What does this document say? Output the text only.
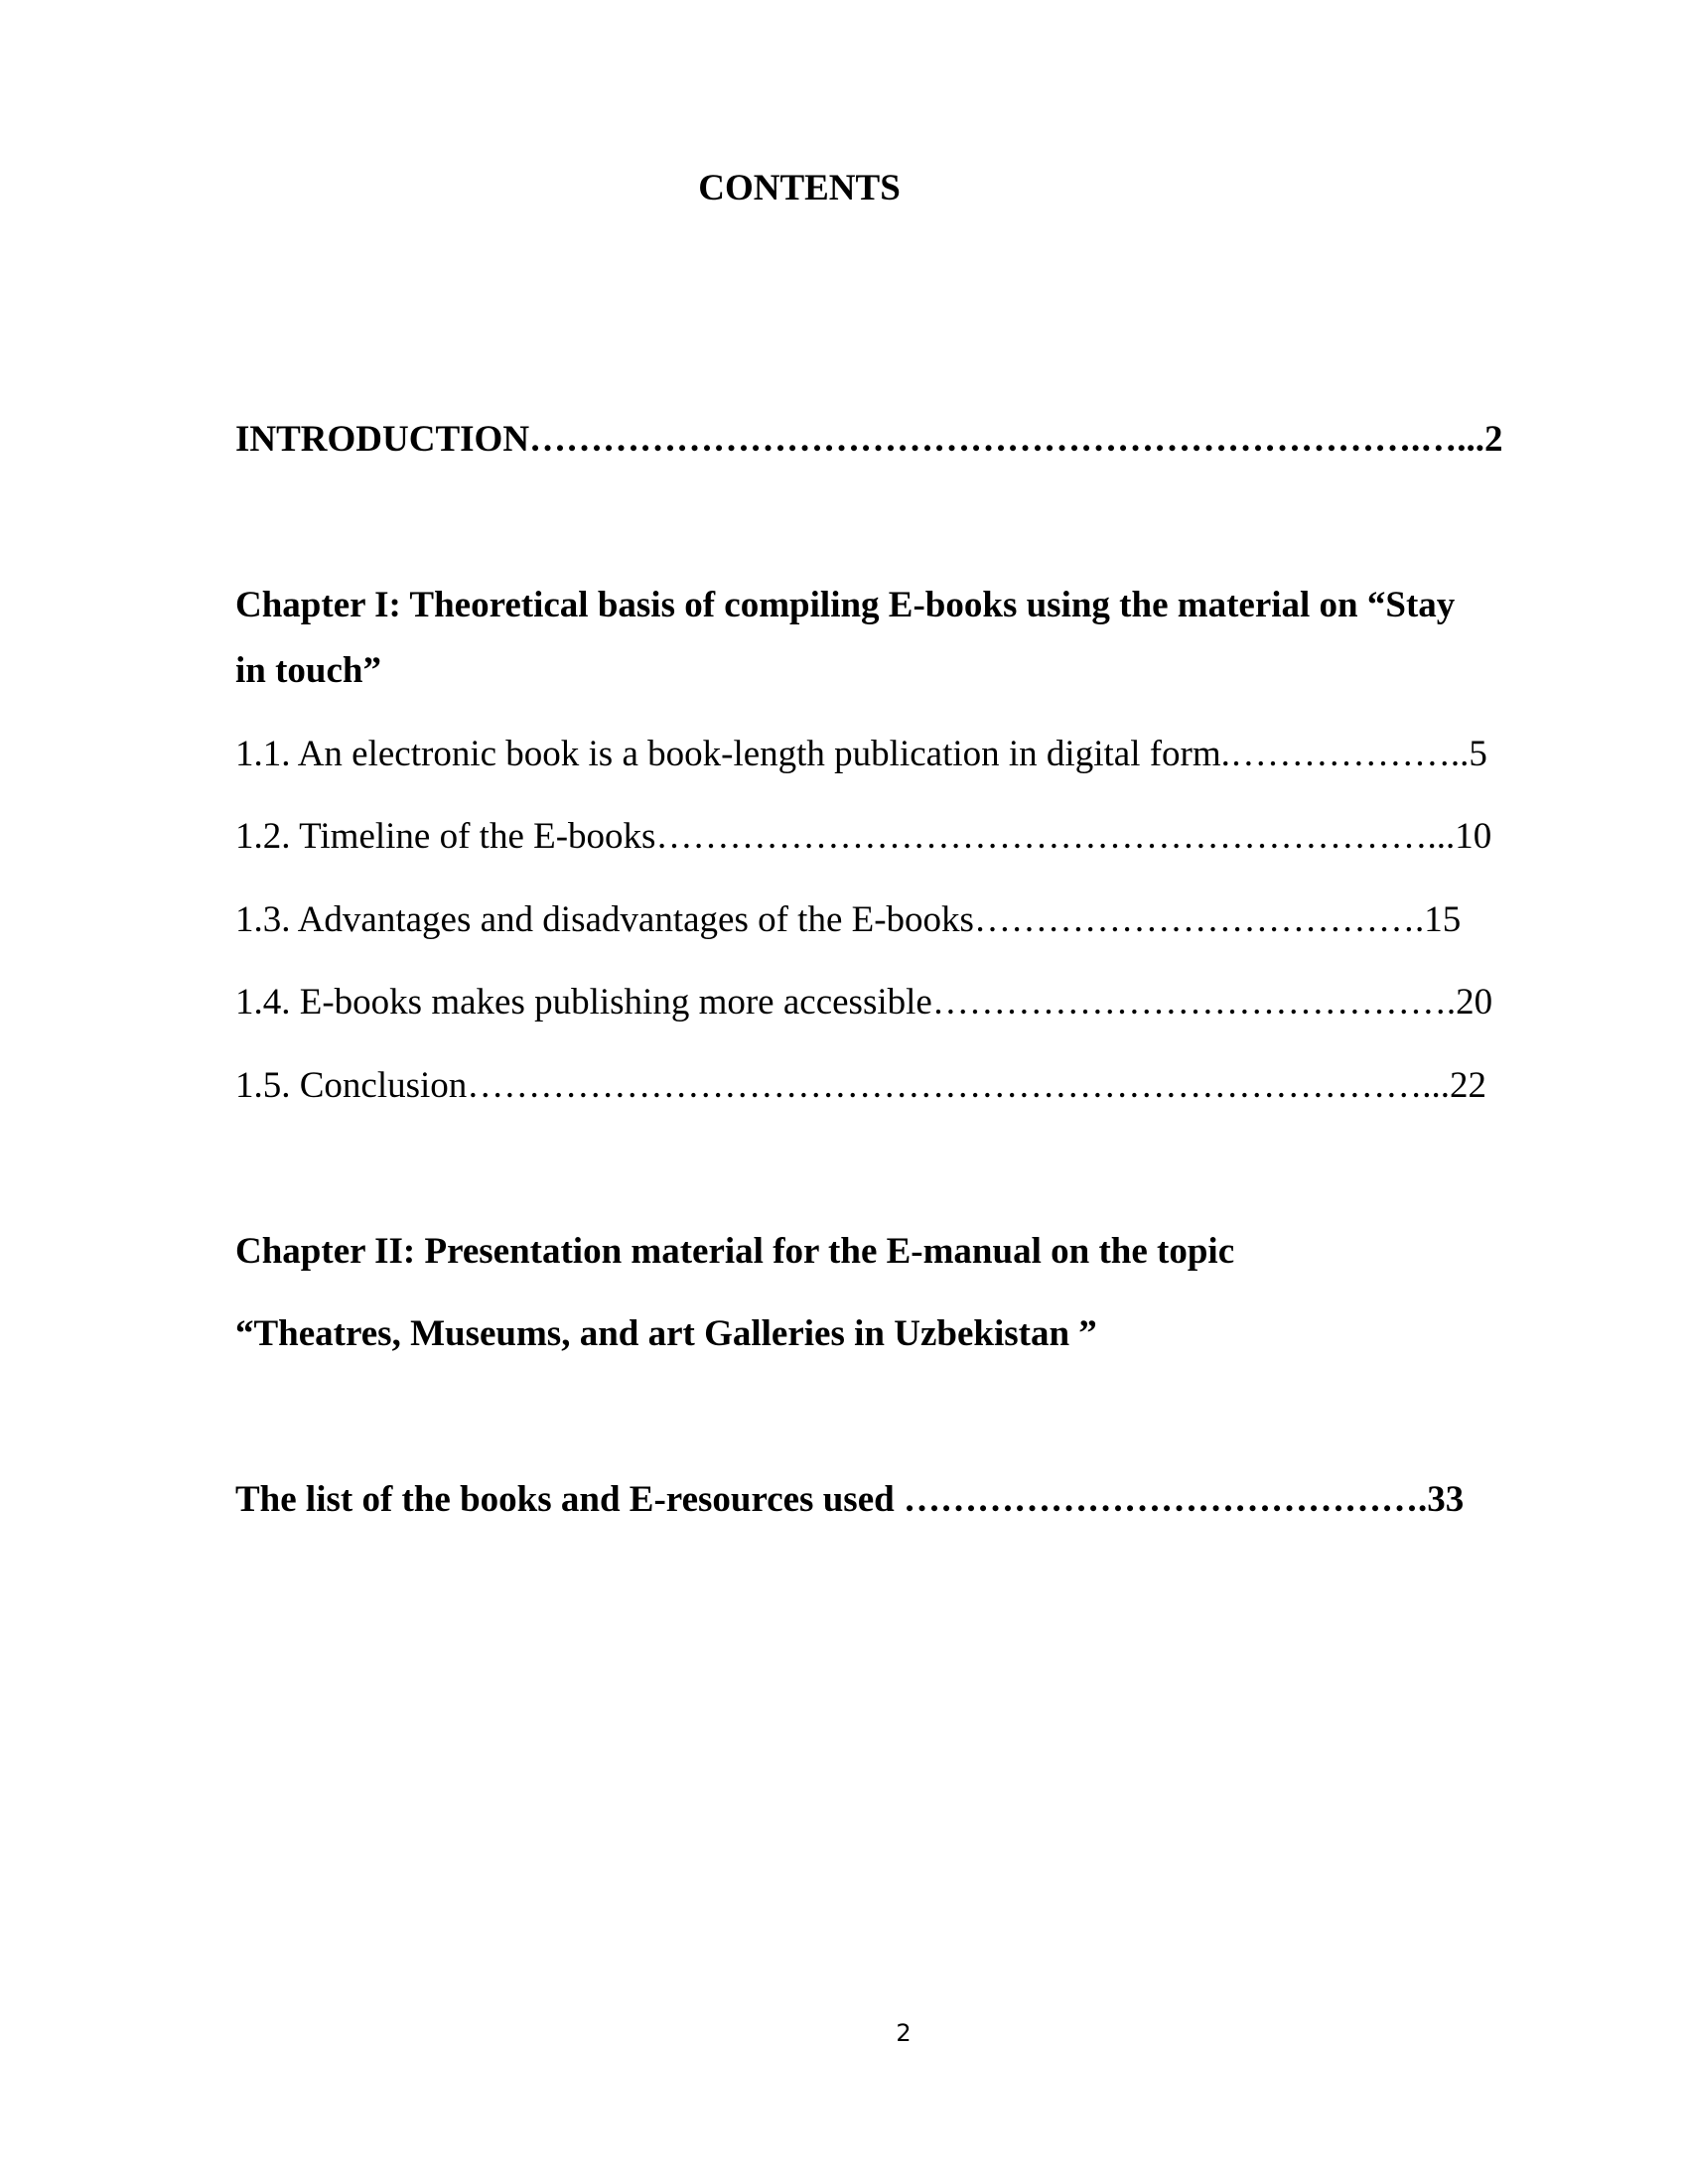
CONTENTS
INTRODUCTION……………………………………………………………….…...2
Chapter I: Theoretical basis of compiling E-books using the material on “Stay
in touch”
1.1. An electronic book is a book-length publication in digital form.………………..5
1.2. Timeline of the E-books………………………………………………………...10
1.3. Advantages and disadvantages of the E-books……………………………….15
1.4. E-books makes publishing more accessible…………………………………….20
1.5. Conclusion……………………………………………………………………...22
Chapter II: Presentation material for the E-manual on the topic
“Theatres, Museums, and art Galleries in Uzbekistan ”
The list of the books and E-resources used …………………………………….33
2
